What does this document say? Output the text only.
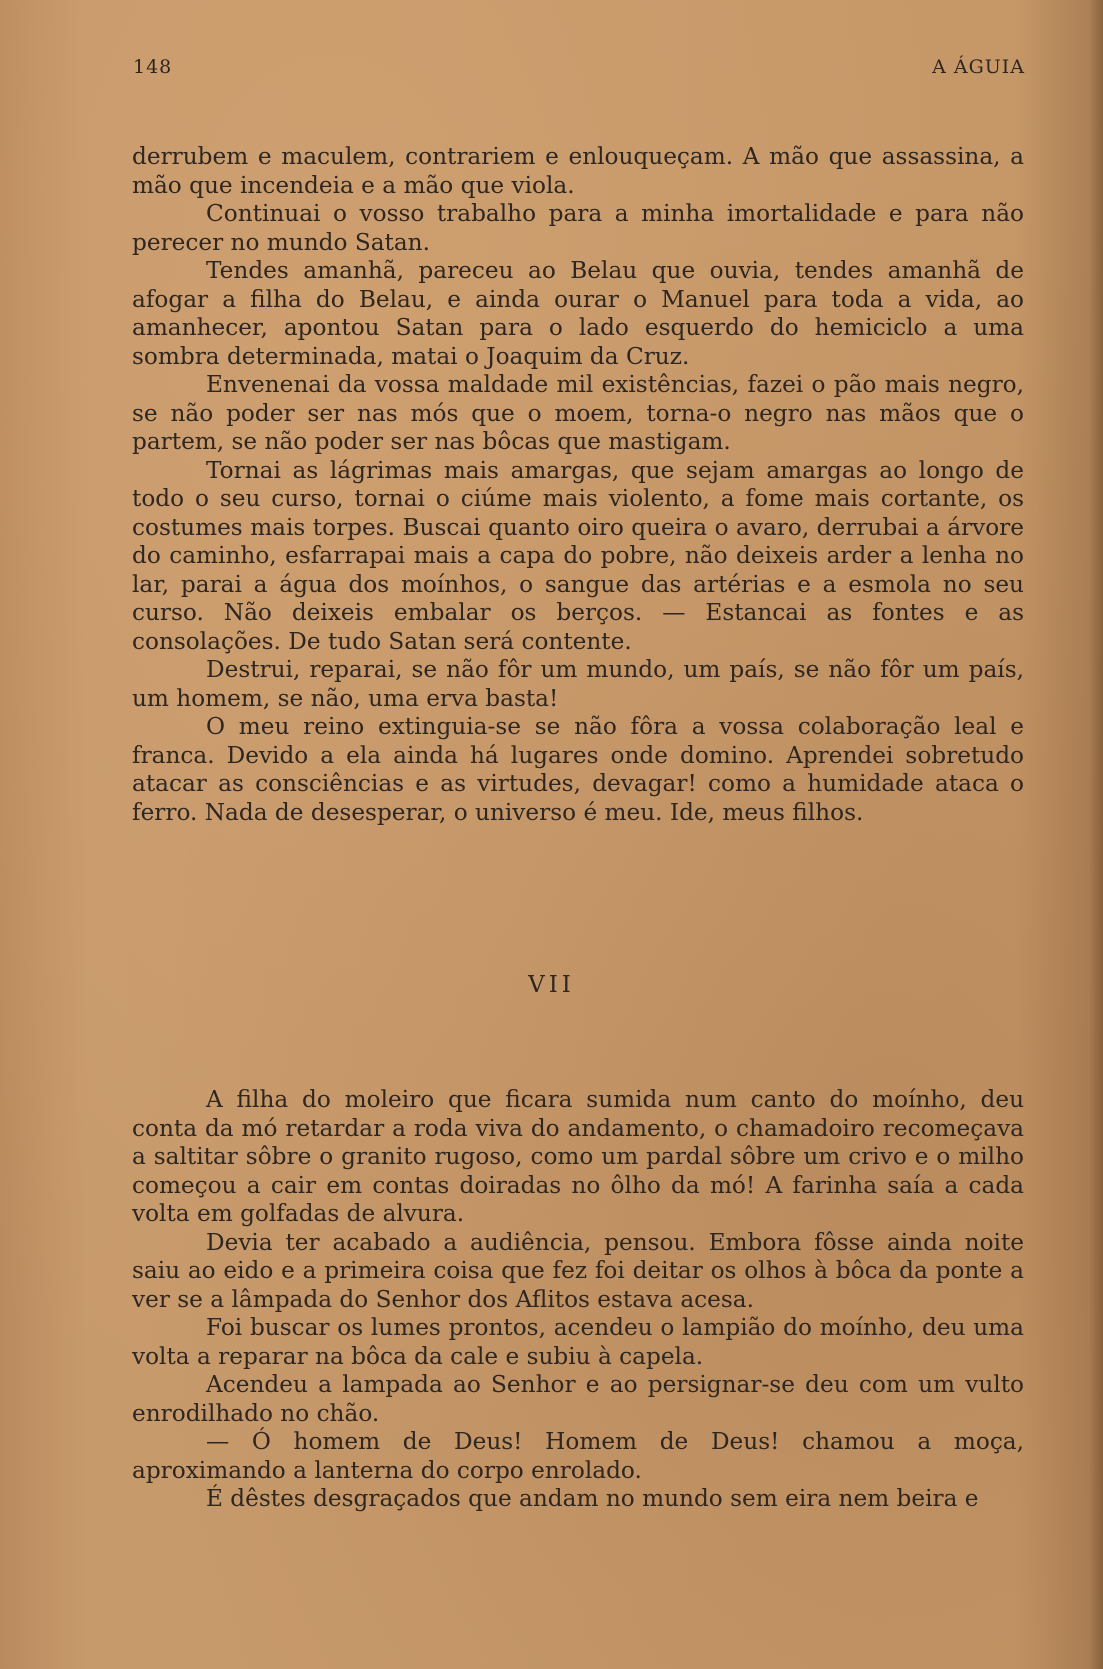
148	A ÁGUIA

derrubem e maculem, contrariem e enlouqueçam. A mão que assassina, a mão que incendeia e a mão que viola.

Continuai o vosso trabalho para a minha imortalidade e para não perecer no mundo Satan.

Tendes amanhã, pareceu ao Belau que ouvia, tendes amanhã de afogar a filha do Belau, e ainda ourar o Manuel para toda a vida, ao amanhecer, apontou Satan para o lado esquerdo do hemiciclo a uma sombra determinada, matai o Joaquim da Cruz.

Envenenai da vossa maldade mil existências, fazei o pão mais negro, se não poder ser nas mós que o moem, torna-o negro nas mãos que o partem, se não poder ser nas bôcas que mastigam.

Tornai as lágrimas mais amargas, que sejam amargas ao longo de todo o seu curso, tornai o ciúme mais violento, a fome mais cortante, os costumes mais torpes. Buscai quanto oiro queira o avaro, derrubai a árvore do caminho, esfarrapai mais a capa do pobre, não deixeis arder a lenha no lar, parai a água dos moínhos, o sangue das artérias e a esmola no seu curso. Não deixeis embalar os berços. — Estancai as fontes e as consolações. De tudo Satan será contente.

Destrui, reparai, se não fôr um mundo, um país, se não fôr um país, um homem, se não, uma erva basta!

O meu reino extinguia-se se não fôra a vossa colaboração leal e franca. Devido a ela ainda há lugares onde domino. Aprendei sobretudo atacar as consciências e as virtudes, devagar! como a humidade ataca o ferro. Nada de desesperar, o universo é meu. Ide, meus filhos.

VII

A filha do moleiro que ficara sumida num canto do moínho, deu conta da mó retardar a roda viva do andamento, o chamadoiro recomeçava a saltitar sôbre o granito rugoso, como um pardal sôbre um crivo e o milho começou a cair em contas doiradas no ôlho da mó! A farinha saía a cada volta em golfadas de alvura.

Devia ter acabado a audiência, pensou. Embora fôsse ainda noite saiu ao eido e a primeira coisa que fez foi deitar os olhos à bôca da ponte a ver se a lâmpada do Senhor dos Aflitos estava acesa.

Foi buscar os lumes prontos, acendeu o lampião do moínho, deu uma volta a reparar na bôca da cale e subiu à capela.

Acendeu a lampada ao Senhor e ao persignar-se deu com um vulto enrodilhado no chão.

— Ó homem de Deus! Homem de Deus! chamou a moça, aproximando a lanterna do corpo enrolado.

É dêstes desgraçados que andam no mundo sem eira nem beira e
